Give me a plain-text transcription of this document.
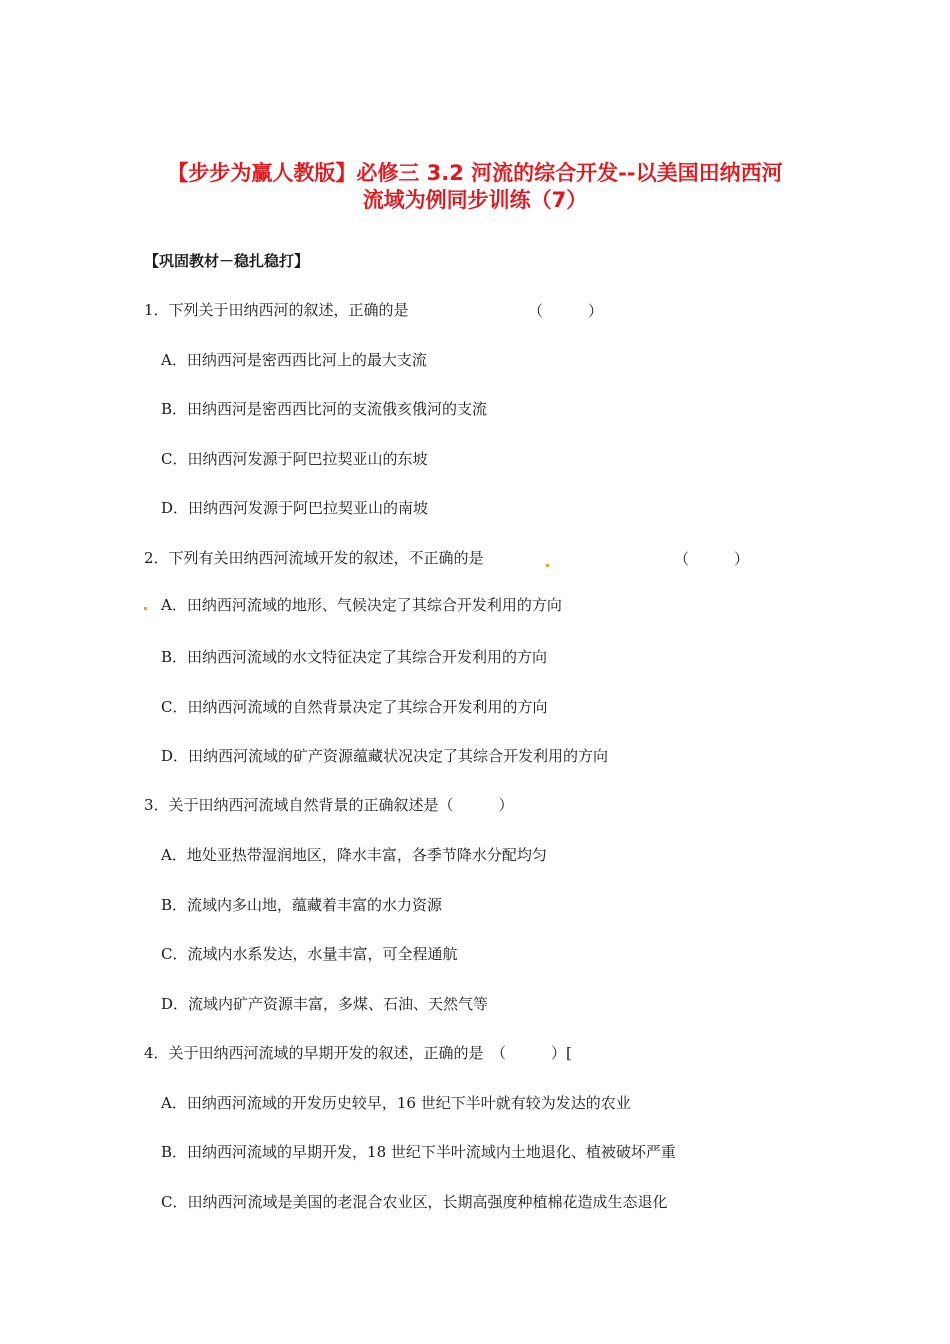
【步步为赢人教版】必修三 3.2 河流的综合开发--以美国田纳西河
流域为例同步训练（7）
【巩固教材－稳扎稳打】
1．下列关于田纳西河的叙述，正确的是	（　　　）
A．田纳西河是密西西比河上的最大支流
B．田纳西河是密西西比河的支流俄亥俄河的支流
C．田纳西河发源于阿巴拉契亚山的东坡
D．田纳西河发源于阿巴拉契亚山的南坡
2．下列有关田纳西河流域开发的叙述，不正确的是	（　　　）
A．田纳西河流域的地形、气候决定了其综合开发利用的方向
B．田纳西河流域的水文特征决定了其综合开发利用的方向
C．田纳西河流域的自然背景决定了其综合开发利用的方向
D．田纳西河流域的矿产资源蕴藏状况决定了其综合开发利用的方向
3．关于田纳西河流域自然背景的正确叙述是（　　　）
A．地处亚热带湿润地区，降水丰富，各季节降水分配均匀
B．流域内多山地，蕴藏着丰富的水力资源
C．流域内水系发达，水量丰富，可全程通航
D．流域内矿产资源丰富，多煤、石油、天然气等
4．关于田纳西河流域的早期开发的叙述，正确的是　（　　　）[
A．田纳西河流域的开发历史较早，16 世纪下半叶就有较为发达的农业
B．田纳西河流域的早期开发，18 世纪下半叶流域内土地退化、植被破坏严重
C．田纳西河流域是美国的老混合农业区，长期高强度种植棉花造成生态退化
